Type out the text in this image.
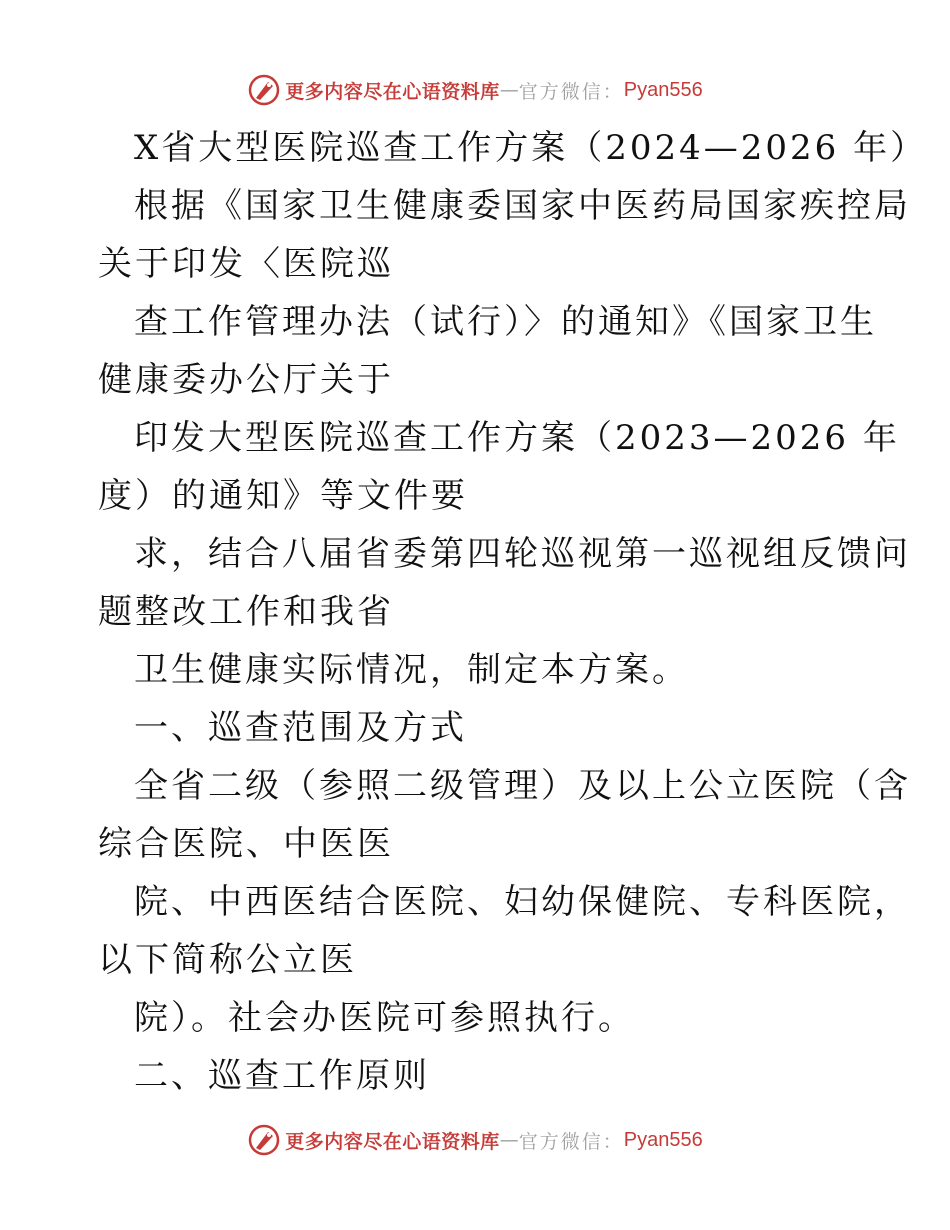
更多内容尽在心语资料库 — 官方微信： Pyan556

X省大型医院巡查工作方案（2024—2026 年）

根据《国家卫生健康委国家中医药局国家疾控局

关于印发〈医院巡

查工作管理办法（试行）〉的通知》《国家卫生

健康委办公厅关于

印发大型医院巡查工作方案（2023—2026 年

度）的通知》等文件要

求，结合八届省委第四轮巡视第一巡视组反馈问

题整改工作和我省

卫生健康实际情况，制定本方案。

一、巡查范围及方式

全省二级（参照二级管理）及以上公立医院（含

综合医院、中医医

院、中西医结合医院、妇幼保健院、专科医院，

以下简称公立医

院）。社会办医院可参照执行。

二、巡查工作原则

更多内容尽在心语资料库 — 官方微信： Pyan556
